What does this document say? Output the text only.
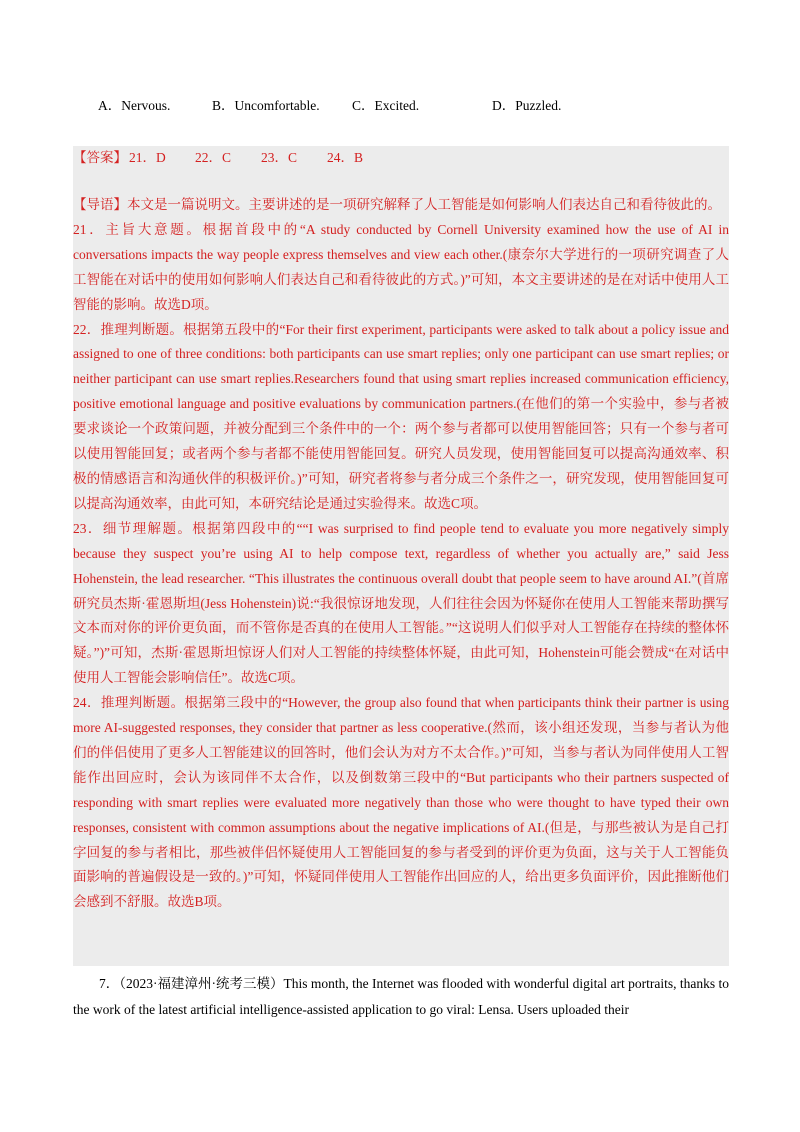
A．Nervous.	B．Uncomfortable. C．Excited.	D．Puzzled.
【答案】 21．D 22．C 23．C 24．B

【导语】本文是一篇说明文。主要讲述的是一项研究解释了人工智能是如何影响人们表达自己和看待彼此的。

21．主旨大意题。根据首段中的“A study conducted by Cornell University examined how the use of AI in conversations impacts the way people express themselves and view each other.(康奈尔大学进行的一项研究调查了人工智能在对话中的使用如何影响人们表达自己和看待彼此的方式。)”可知，本文主要讲述的是在对话中使用人工智能的影响。故选D项。

22．推理判断题。根据第五段中的“For their first experiment, participants were asked to talk about a policy issue and assigned to one of three conditions: both participants can use smart replies; only one participant can use smart replies; or neither participant can use smart replies.Researchers found that using smart replies increased communication efficiency, positive emotional language and positive evaluations by communication partners.(在他们的第一个实验中，参与者被要求谈论一个政策问题，并被分配到三个条件中的一个：两个参与者都可以使用智能回答；只有一个参与者可以使用智能回复；或者两个参与者都不能使用智能回复。研究人员发现，使用智能回复可以提高沟通效率、积极的情感语言和沟通伙伴的积极评价。)”可知，研究者将参与者分成三个条件之一，研究发现，使用智能回复可以提高沟通效率，由此可知，本研究结论是通过实验得来。故选C项。

23．细节理解题。根据第四段中的““I was surprised to find people tend to evaluate you more negatively simply because they suspect you’re using AI to help compose text, regardless of whether you actually are,” said Jess Hohenstein, the lead researcher. “This illustrates the continuous overall doubt that people seem to have around AI.”(首席研究员杰斯·霍恩斯坦(Jess Hohenstein)说:“我很惊讶地发现，人们往往会因为怀疑你在使用人工智能来帮助撰写文本而对你的评价更负面，而不管你是否真的在使用人工智能。”“这说明人们似乎对人工智能存在持续的整体怀疑。”)”可知，杰斯·霍恩斯坦惊讶人们对人工智能的持续整体怀疑，由此可知，Hohenstein可能会赞成“在对话中使用人工智能会影响信任”。故选C项。

24．推理判断题。根据第三段中的“However, the group also found that when participants think their partner is using more AI-suggested responses, they consider that partner as less cooperative.(然而，该小组还发现，当参与者认为他们的伴侣使用了更多人工智能建议的回答时，他们会认为对方不太合作。)”可知，当参与者认为同伴使用人工智能作出回应时，会认为该同伴不太合作，以及倒数第三段中的“But participants who their partners suspected of responding with smart replies were evaluated more negatively than those who were thought to have typed their own responses, consistent with common assumptions about the negative implications of AI.(但是，与那些被认为是自己打字回复的参与者相比，那些被伴侣怀疑使用人工智能回复的参与者受到的评价更为负面，这与关于人工智能负面影响的普遍假设是一致的。)”可知，怀疑同伴使用人工智能作出回应的人，给出更多负面评价，因此推断他们会感到不舒服。故选B项。

7．（2023·福建漳州·统考三模）This month, the Internet was flooded with wonderful digital art portraits, thanks to the work of the latest artificial intelligence-assisted application to go viral: Lensa. Users uploaded their
